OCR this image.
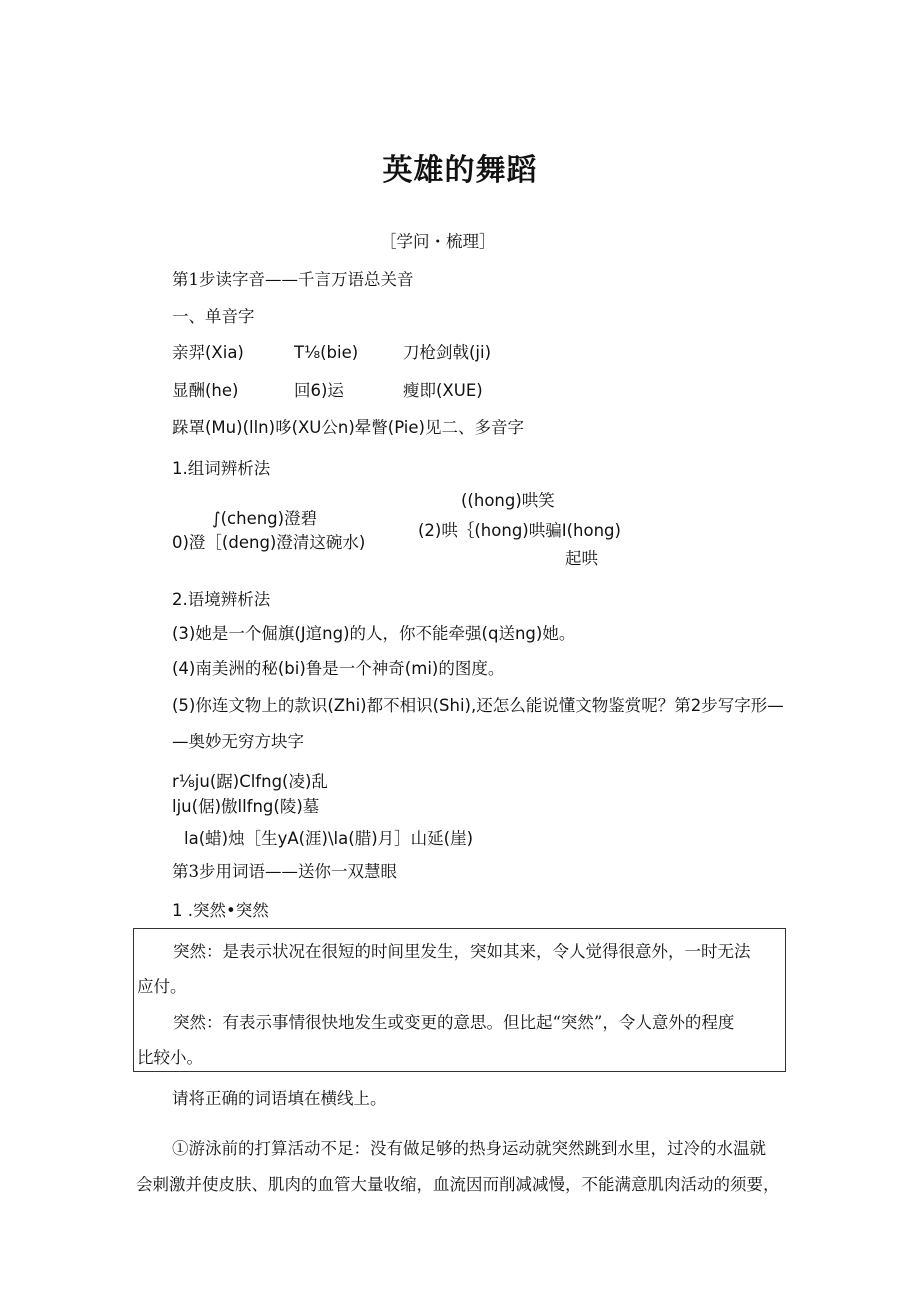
英雄的舞蹈
［学问・梳理］
第1步读字音——千言万语总关音
一、单音字
亲羿(Xia)	T⅛(bie)	刀枪剑戟(ji)
显酬(he)	回6)运	瘦即(XUE)
跺罩(Mu)(lln)哆(XU公n)晕瞥(Pie)见二、多音字
1.组词辨析法
∫(cheng)澄碧
0)澄［(deng)澄清这碗水)
((hong)哄笑
(2)哄｛(hong)哄骗I(hong)
起哄
2.语境辨析法
(3)她是一个倔旗(J逭ng)的人，你不能牵强(q送ng)她。
(4)南美洲的秘(bi)鲁是一个神奇(mi)的图度。
(5)你连文物上的款识(Zhi)都不相识(Shi),还怎么能说懂文物鉴赏呢？第2步写字形—
—奥妙无穷方块字
r⅛ju(踞)Clfng(凌)乱
lju(倨)傲llfng(陵)墓
la(蜡)烛［生yA(涯)\la(腊)月］山延(崖)
第3步用词语——送你一双慧眼
1 .突然•突然
突然：是表示状况在很短的时间里发生，突如其来，令人觉得很意外，一时无法
应付。
突然：有表示事情很快地发生或变更的意思。但比起“突然”，令人意外的程度
比较小。
请将正确的词语填在横线上。
①游泳前的打算活动不足：没有做足够的热身运动就突然跳到水里，过冷的水温就
会刺激并使皮肤、肌肉的血管大量收缩，血流因而削减减慢，不能满意肌肉活动的须要，
